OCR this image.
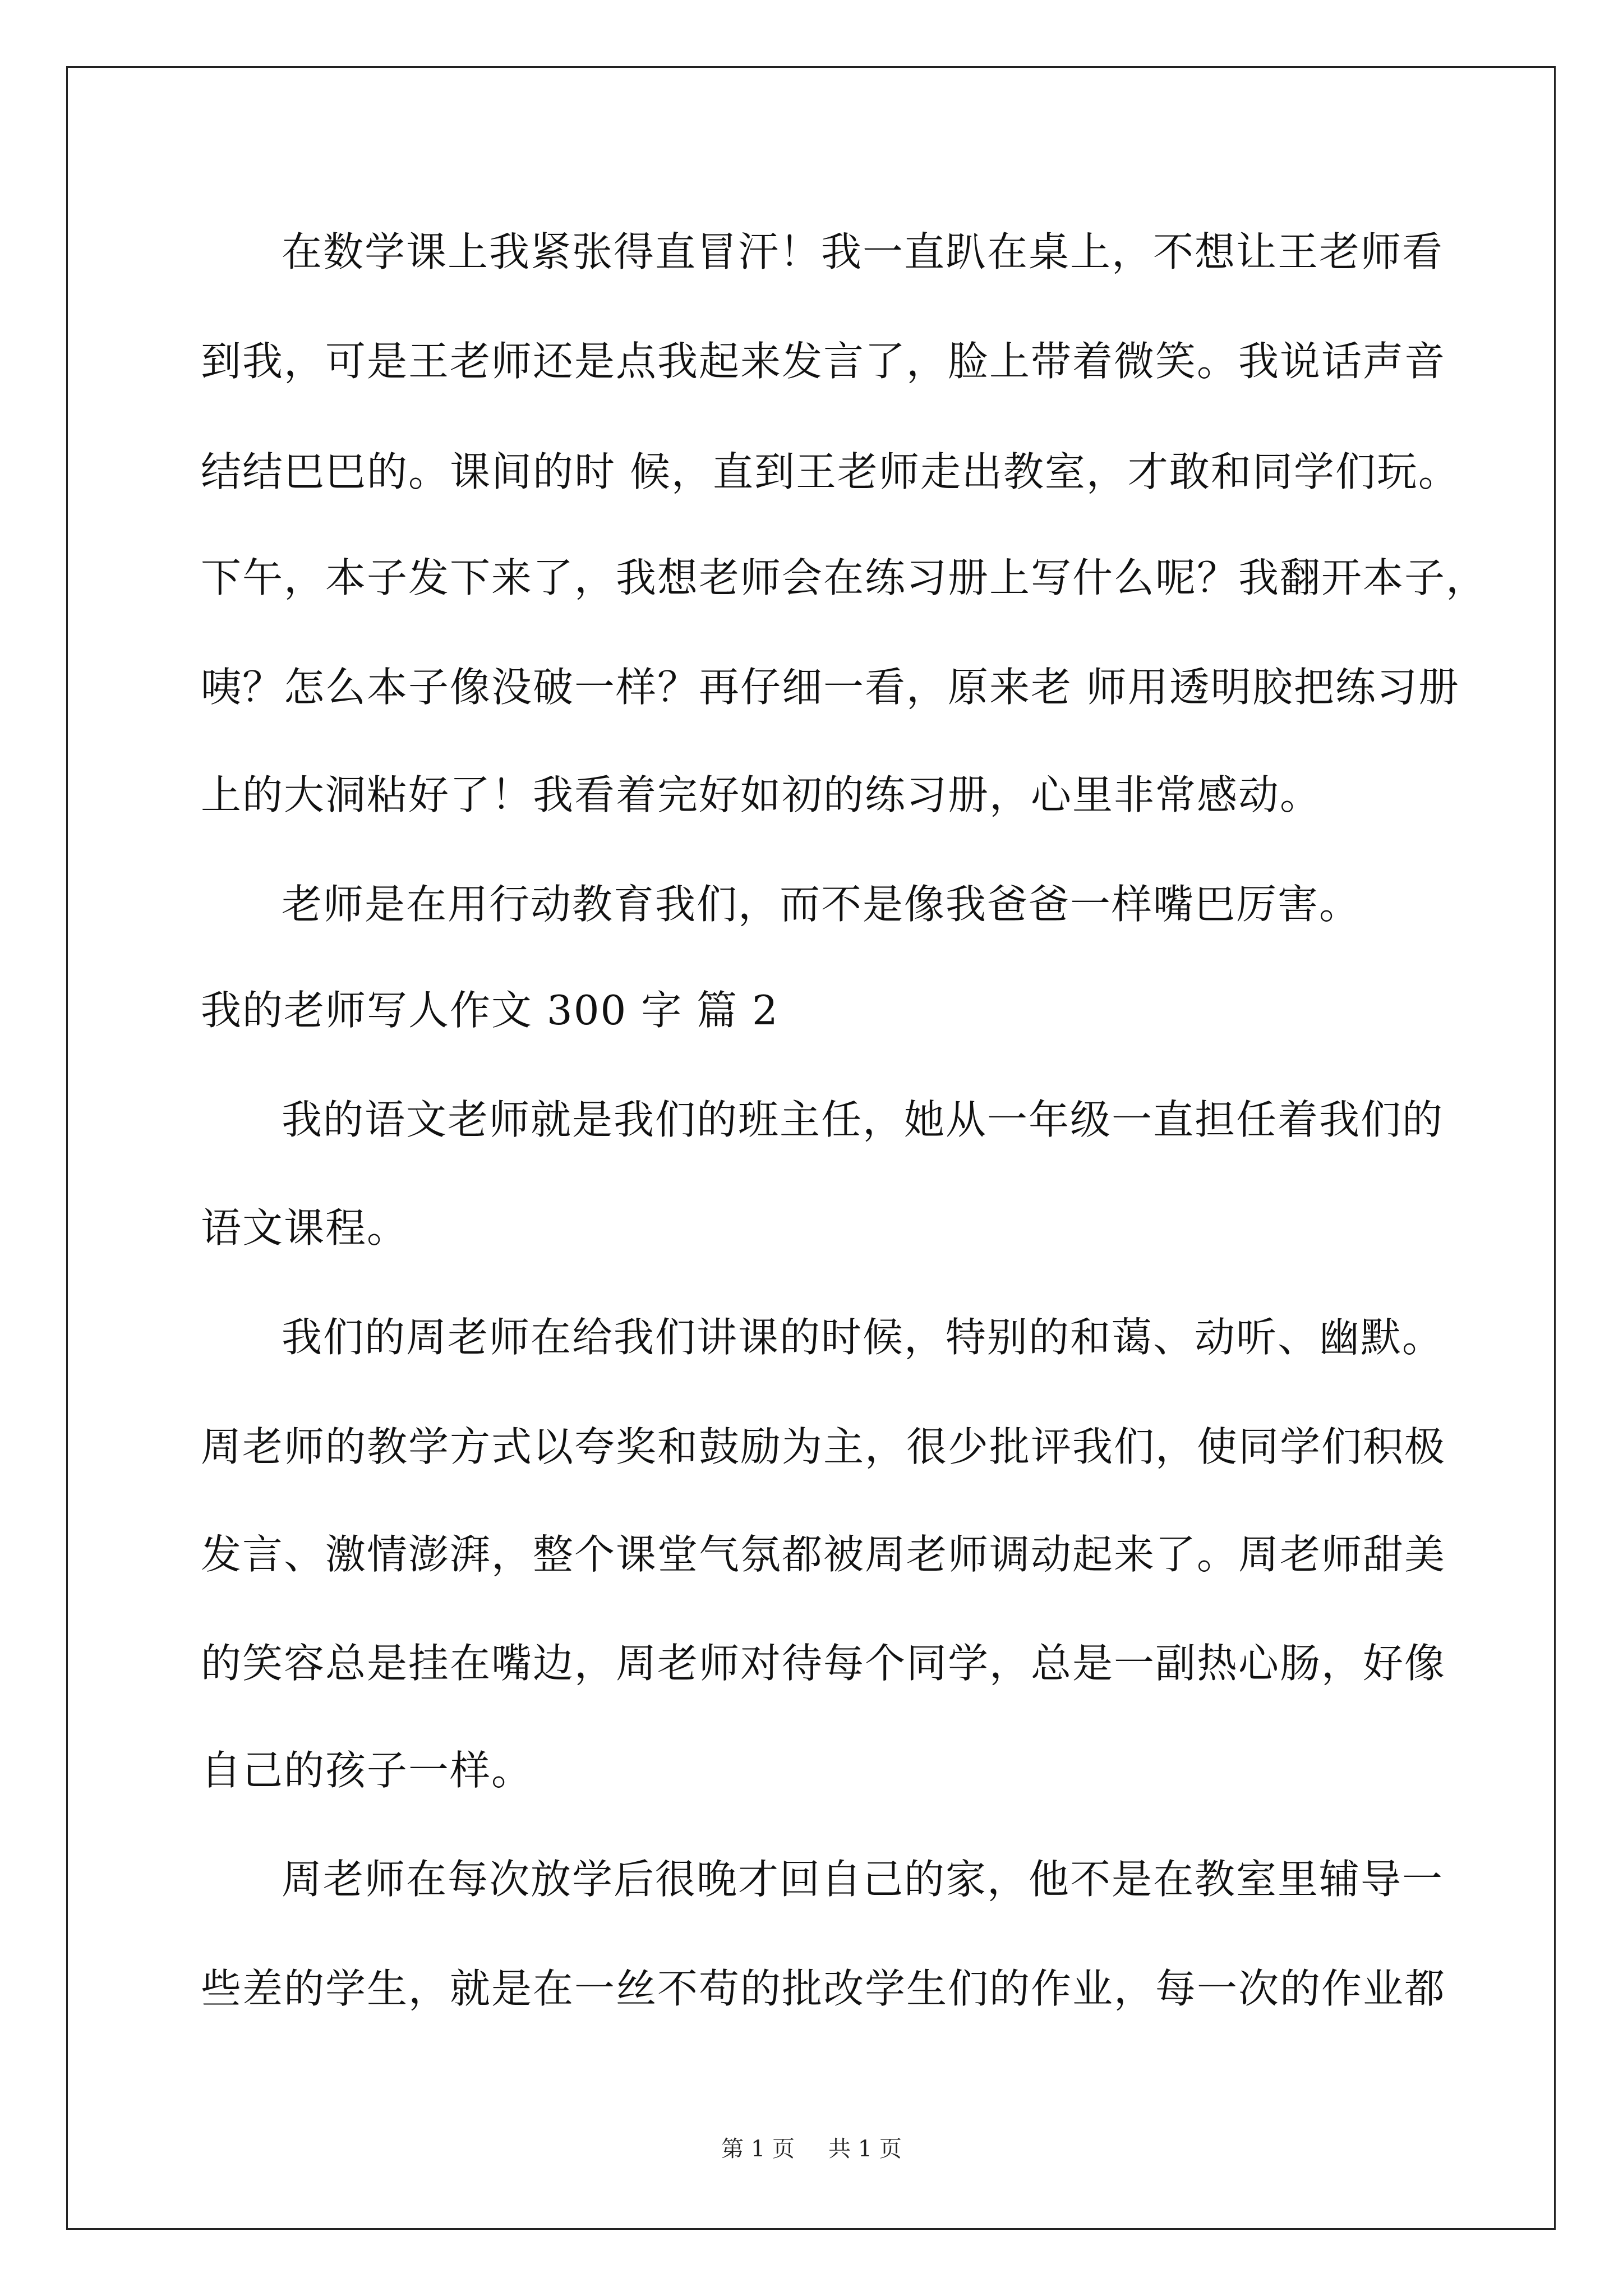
在数学课上我紧张得直冒汗！我一直趴在桌上，不想让王老师看
到我，可是王老师还是点我起来发言了，脸上带着微笑。我说话声音
结结巴巴的。课间的时 候，直到王老师走出教室，才敢和同学们玩。
下午，本子发下来了，我想老师会在练习册上写什么呢？我翻开本子，
咦？怎么本子像没破一样？再仔细一看，原来老 师用透明胶把练习册
上的大洞粘好了！我看着完好如初的练习册，心里非常感动。
老师是在用行动教育我们，而不是像我爸爸一样嘴巴厉害。
我的老师写人作文 300 字 篇 2
我的语文老师就是我们的班主任，她从一年级一直担任着我们的
语文课程。
我们的周老师在给我们讲课的时候，特别的和蔼、动听、幽默。
周老师的教学方式以夸奖和鼓励为主，很少批评我们，使同学们积极
发言、激情澎湃，整个课堂气氛都被周老师调动起来了。周老师甜美
的笑容总是挂在嘴边，周老师对待每个同学，总是一副热心肠，好像
自己的孩子一样。
周老师在每次放学后很晚才回自己的家，他不是在教室里辅导一
些差的学生，就是在一丝不苟的批改学生们的作业，每一次的作业都
第 1 页 共 1 页
